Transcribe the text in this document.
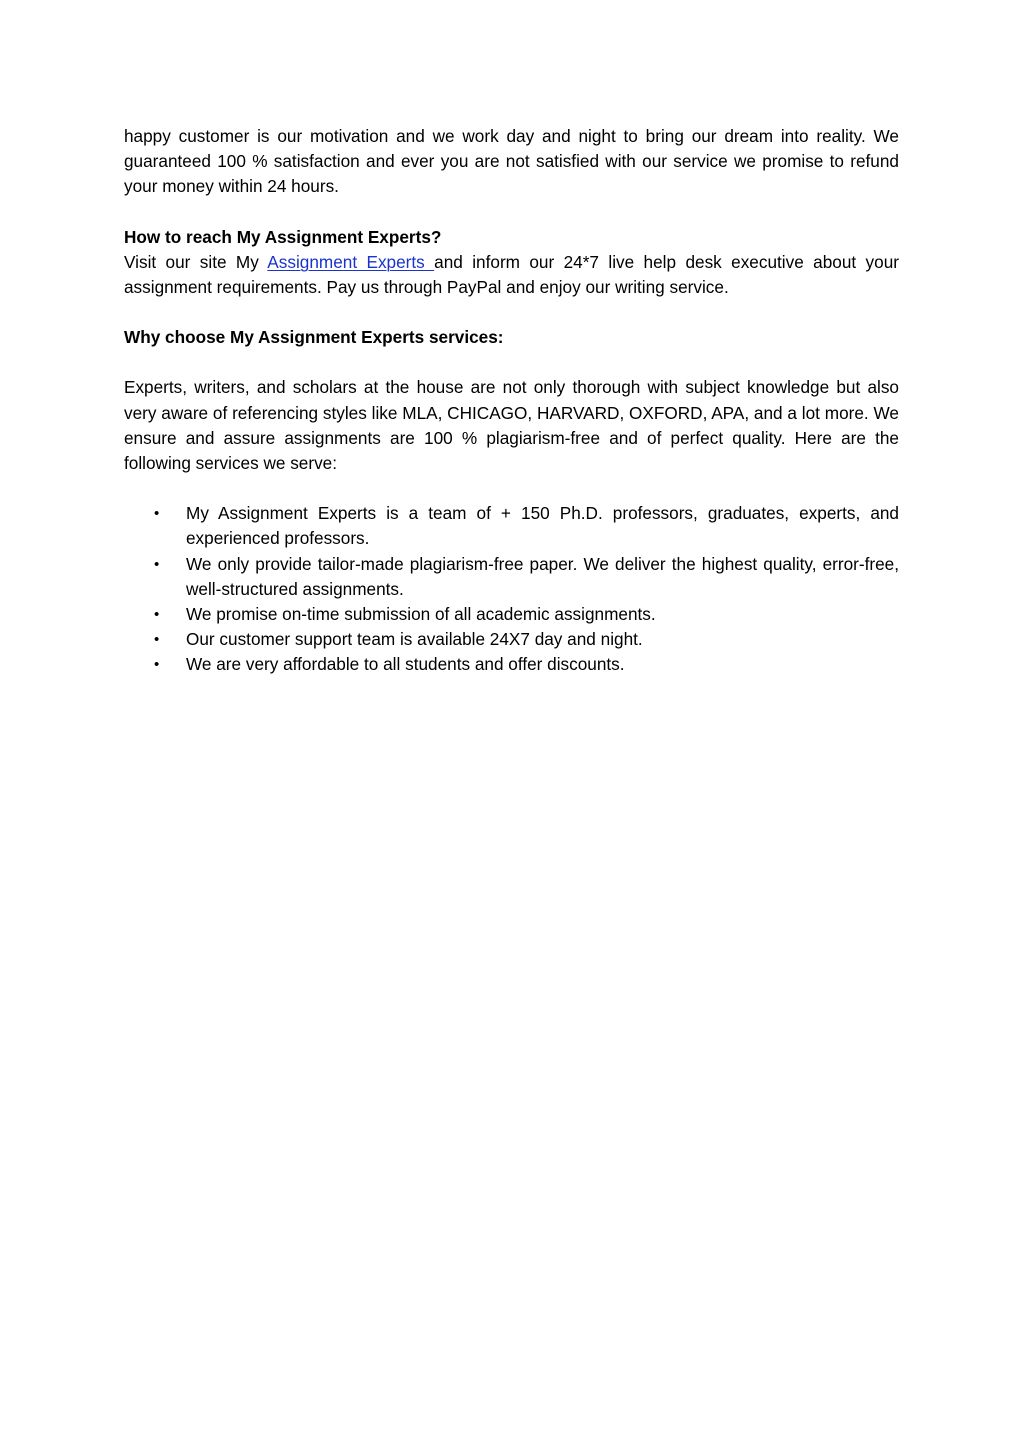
happy customer is our motivation and we work day and night to bring our dream into reality. We guaranteed 100 % satisfaction and ever you are not satisfied with our service we promise to refund your money within 24 hours.

How to reach My Assignment Experts?

Visit our site My Assignment Experts and inform our 24*7 live help desk executive about your assignment requirements. Pay us through PayPal and enjoy our writing service.

Why choose My Assignment Experts services:

Experts, writers, and scholars at the house are not only thorough with subject knowledge but also very aware of referencing styles like MLA, CHICAGO, HARVARD, OXFORD, APA, and a lot more. We ensure and assure assignments are 100 % plagiarism-free and of perfect quality. Here are the following services we serve:

• My Assignment Experts is a team of + 150 Ph.D. professors, graduates, experts, and experienced professors.
• We only provide tailor-made plagiarism-free paper. We deliver the highest quality, error-free, well-structured assignments.
• We promise on-time submission of all academic assignments.
• Our customer support team is available 24X7 day and night.
• We are very affordable to all students and offer discounts.
